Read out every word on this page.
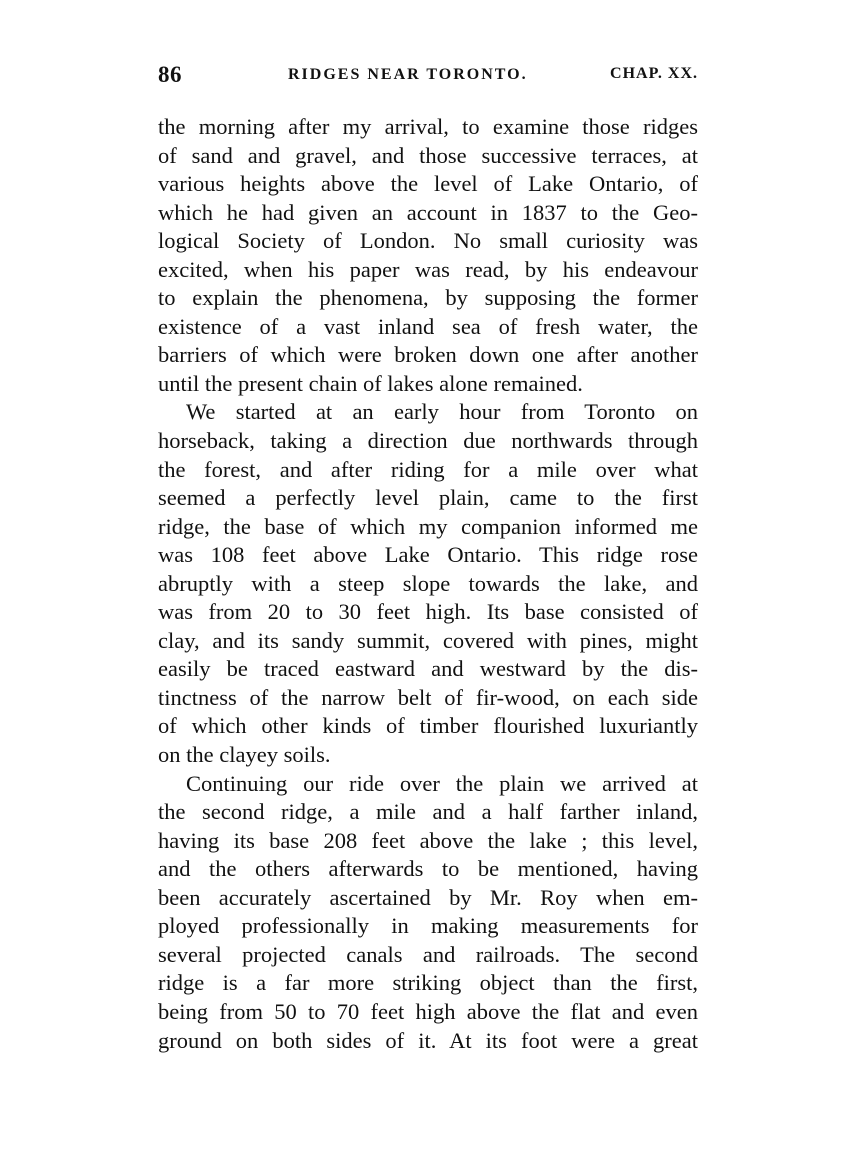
86	RIDGES NEAR TORONTO.	CHAP. XX.
the morning after my arrival, to examine those ridges
of sand and gravel, and those successive terraces, at
various heights above the level of Lake Ontario, of
which he had given an account in 1837 to the Geo-
logical Society of London. No small curiosity was
excited, when his paper was read, by his endeavour
to explain the phenomena, by supposing the former
existence of a vast inland sea of fresh water, the
barriers of which were broken down one after another
until the present chain of lakes alone remained.
We started at an early hour from Toronto on
horseback, taking a direction due northwards through
the forest, and after riding for a mile over what
seemed a perfectly level plain, came to the first
ridge, the base of which my companion informed me
was 108 feet above Lake Ontario. This ridge rose
abruptly with a steep slope towards the lake, and
was from 20 to 30 feet high. Its base consisted of
clay, and its sandy summit, covered with pines, might
easily be traced eastward and westward by the dis-
tinctness of the narrow belt of fir-wood, on each side
of which other kinds of timber flourished luxuriantly
on the clayey soils.
Continuing our ride over the plain we arrived at
the second ridge, a mile and a half farther inland,
having its base 208 feet above the lake ; this level,
and the others afterwards to be mentioned, having
been accurately ascertained by Mr. Roy when em-
ployed professionally in making measurements for
several projected canals and railroads. The second
ridge is a far more striking object than the first,
being from 50 to 70 feet high above the flat and even
ground on both sides of it. At its foot were a great
